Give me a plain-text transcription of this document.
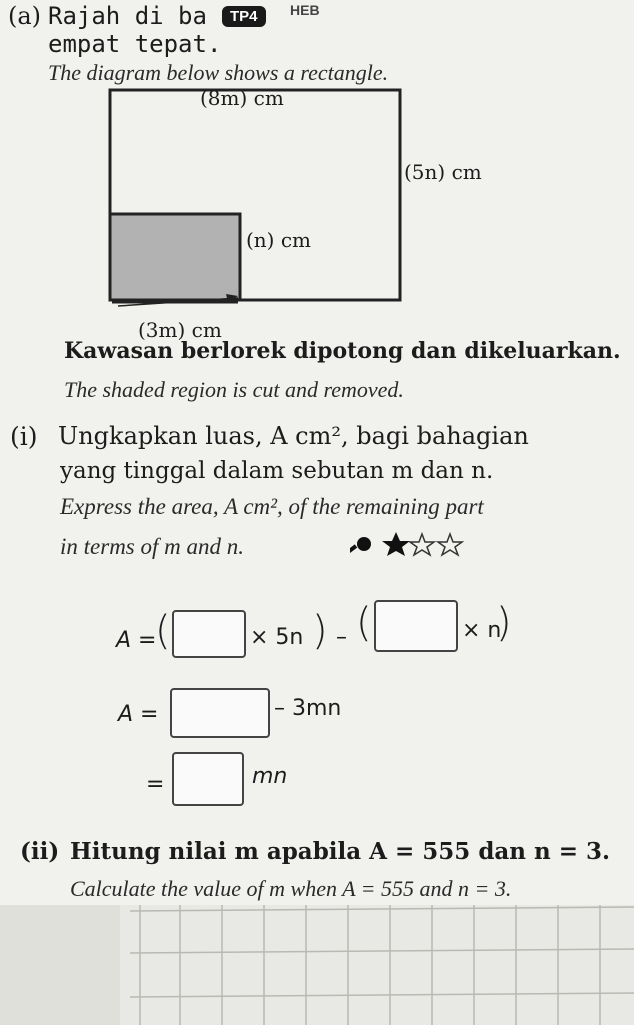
(a) Rajah di ba
empat tepat.
TP4	HEB
The diagram below shows a rectangle.
(8m) cm
(5n) cm
(n) cm
(3m) cm
Kawasan berlorek dipotong dan dikeluarkan.
The shaded region is cut and removed.
(i) Ungkapkan luas, A cm², bagi bahagian
yang tinggal dalam sebutan m dan n.
Express the area, A cm², of the remaining part
in terms of m and n.
A =
(	× 5n ) – (	× n
)
A =	– 3mn
=	mn
(ii) Hitung nilai m apabila A = 555 dan n = 3.
Calculate the value of m when A = 555 and n = 3.
